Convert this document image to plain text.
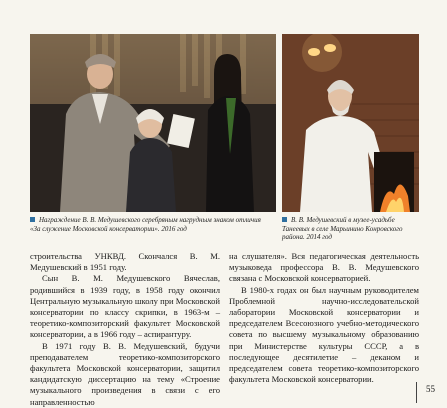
Награждение В. В. Медушевского серебряным нагрудным знаком отличия «За служение Московской консерватории». 2016 год
В. В. Медушевский в музее-усадьбе Танеевых в селе Марьинино Конровского района. 2014 год

строительства УНКВД. Скончался В. М. Медушевский в 1951 году.

Сын В. М. Медушевского Вячеслав, родившийся в 1939 году, в 1958 году окончил Центральную музыкальную школу при Московской консерватории по классу скрипки, в 1963-м – теоретико-композиторский факультет Московской консерватории, а в 1966 году – аспирантуру.

В 1971 году В. В. Медушевский, будучи преподавателем теоретико-композиторского факультета Московской консерватории, защитил кандидатскую диссертацию на тему «Строение музыкального произведения в связи с его направленностью

на слушателя». Вся педагогическая деятельность музыковеда профессора В. В. Медушевского связана с Московской консерваторией.

В 1980-х годах он был научным руководителем Проблемной научно-исследовательской лаборатории Московской консерватории и председателем Всесоюзного учебно-методического совета по высшему музыкальному образованию при Министерстве культуры СССР, а в последующее десятилетие – деканом и председателем совета теоретико-композиторского факультета Московской консерватории.

55
